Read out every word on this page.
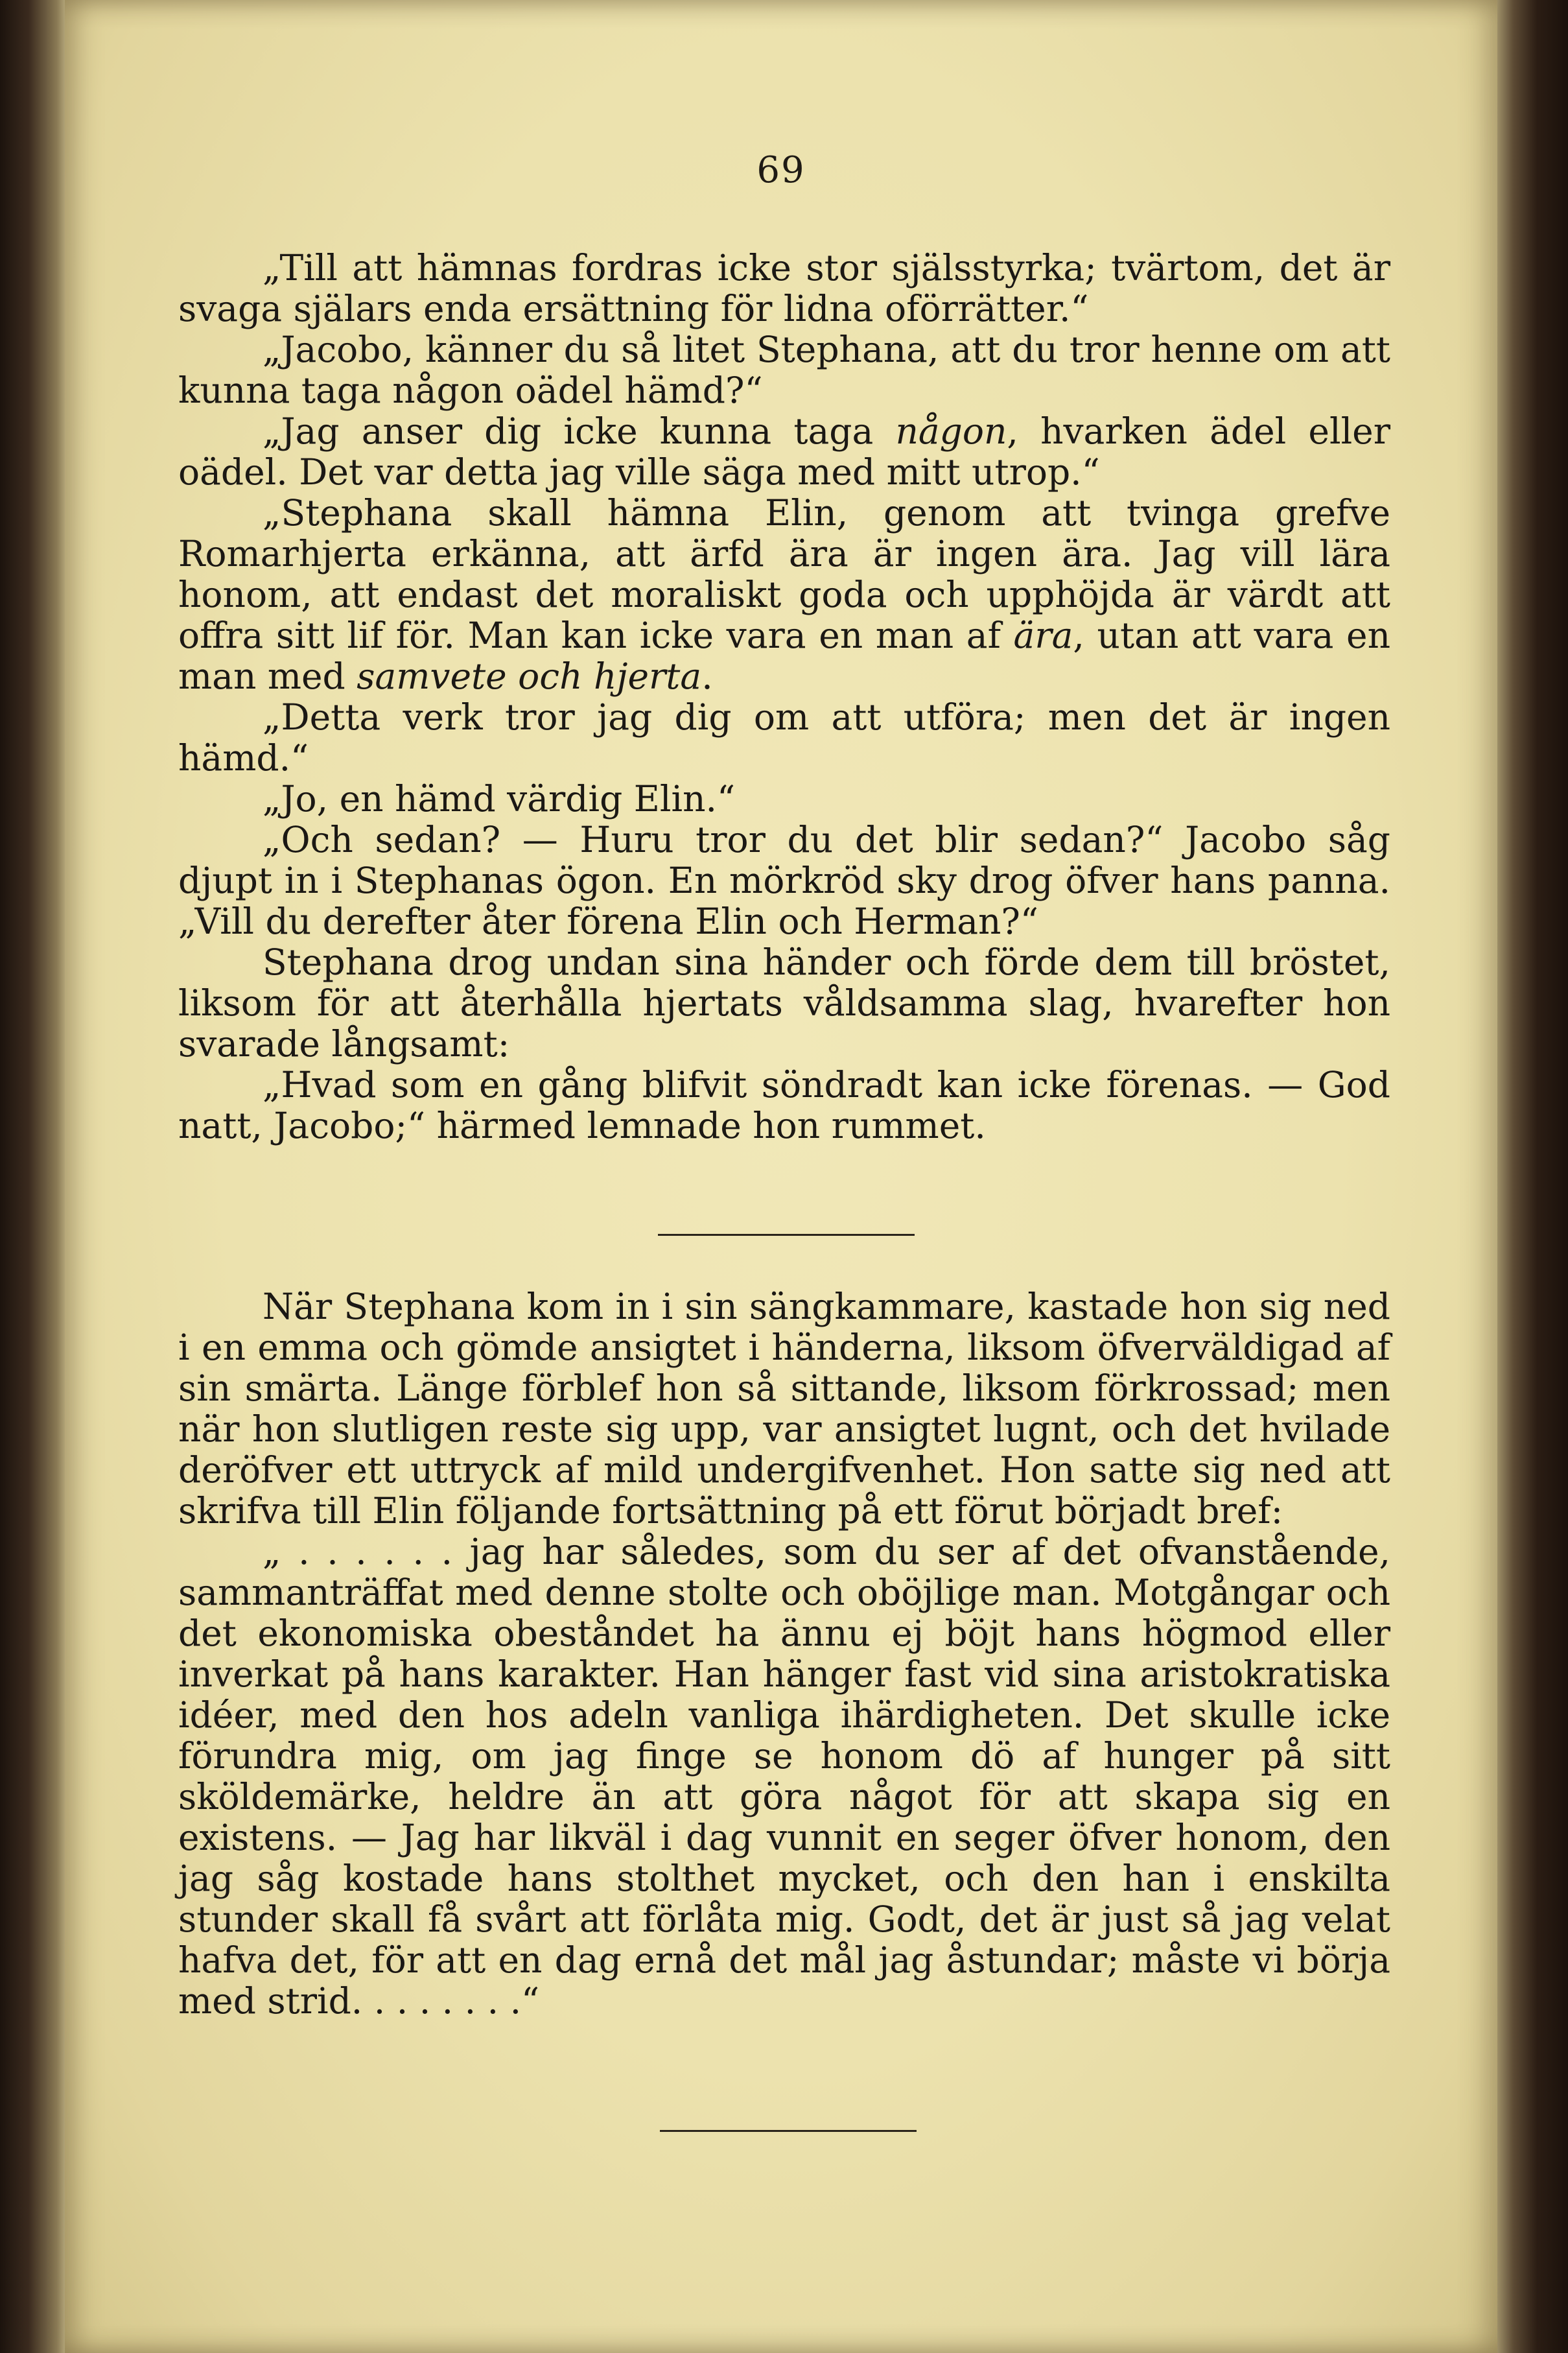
69

„Till att hämnas fordras icke stor själsstyrka; tvärtom, det är svaga själars enda ersättning för lidna oförrätter.“

„Jacobo, känner du så litet Stephana, att du tror henne om att kunna taga någon oädel hämd?“

„Jag anser dig icke kunna taga någon, hvarken ädel eller oädel. Det var detta jag ville säga med mitt utrop.“

„Stephana skall hämna Elin, genom att tvinga grefve Romarhjerta erkänna, att ärfd ära är ingen ära. Jag vill lära honom, att endast det moraliskt goda och upphöjda är värdt att offra sitt lif för. Man kan icke vara en man af ära, utan att vara en man med samvete och hjerta.

„Detta verk tror jag dig om att utföra; men det är ingen hämd.“

„Jo, en hämd värdig Elin.“

„Och sedan? — Huru tror du det blir sedan?“ Jacobo såg djupt in i Stephanas ögon. En mörkröd sky drog öfver hans panna. „Vill du derefter åter förena Elin och Herman?“

Stephana drog undan sina händer och förde dem till bröstet, liksom för att återhålla hjertats våldsamma slag, hvarefter hon svarade långsamt:

„Hvad som en gång blifvit söndradt kan icke förenas. — God natt, Jacobo;“ härmed lemnade hon rummet.

När Stephana kom in i sin sängkammare, kastade hon sig ned i en emma och gömde ansigtet i händerna, liksom öfverväldigad af sin smärta. Länge förblef hon så sittande, liksom förkrossad; men när hon slutligen reste sig upp, var ansigtet lugnt, och det hvilade deröfver ett uttryck af mild undergifvenhet. Hon satte sig ned att skrifva till Elin följande fortsättning på ett förut börjadt bref:

„ . . . . . . jag har således, som du ser af det ofvanstående, sammanträffat med denne stolte och oböjlige man. Motgångar och det ekonomiska obeståndet ha ännu ej böjt hans högmod eller inverkat på hans karakter. Han hänger fast vid sina aristokratiska idéer, med den hos adeln vanliga ihärdigheten. Det skulle icke förundra mig, om jag finge se honom dö af hunger på sitt sköldemärke, heldre än att göra något för att skapa sig en existens. — Jag har likväl i dag vunnit en seger öfver honom, den jag såg kostade hans stolthet mycket, och den han i enskilta stunder skall få svårt att förlåta mig. Godt, det är just så jag velat hafva det, för att en dag ernå det mål jag åstundar; måste vi börja med strid. . . . . . . .“
